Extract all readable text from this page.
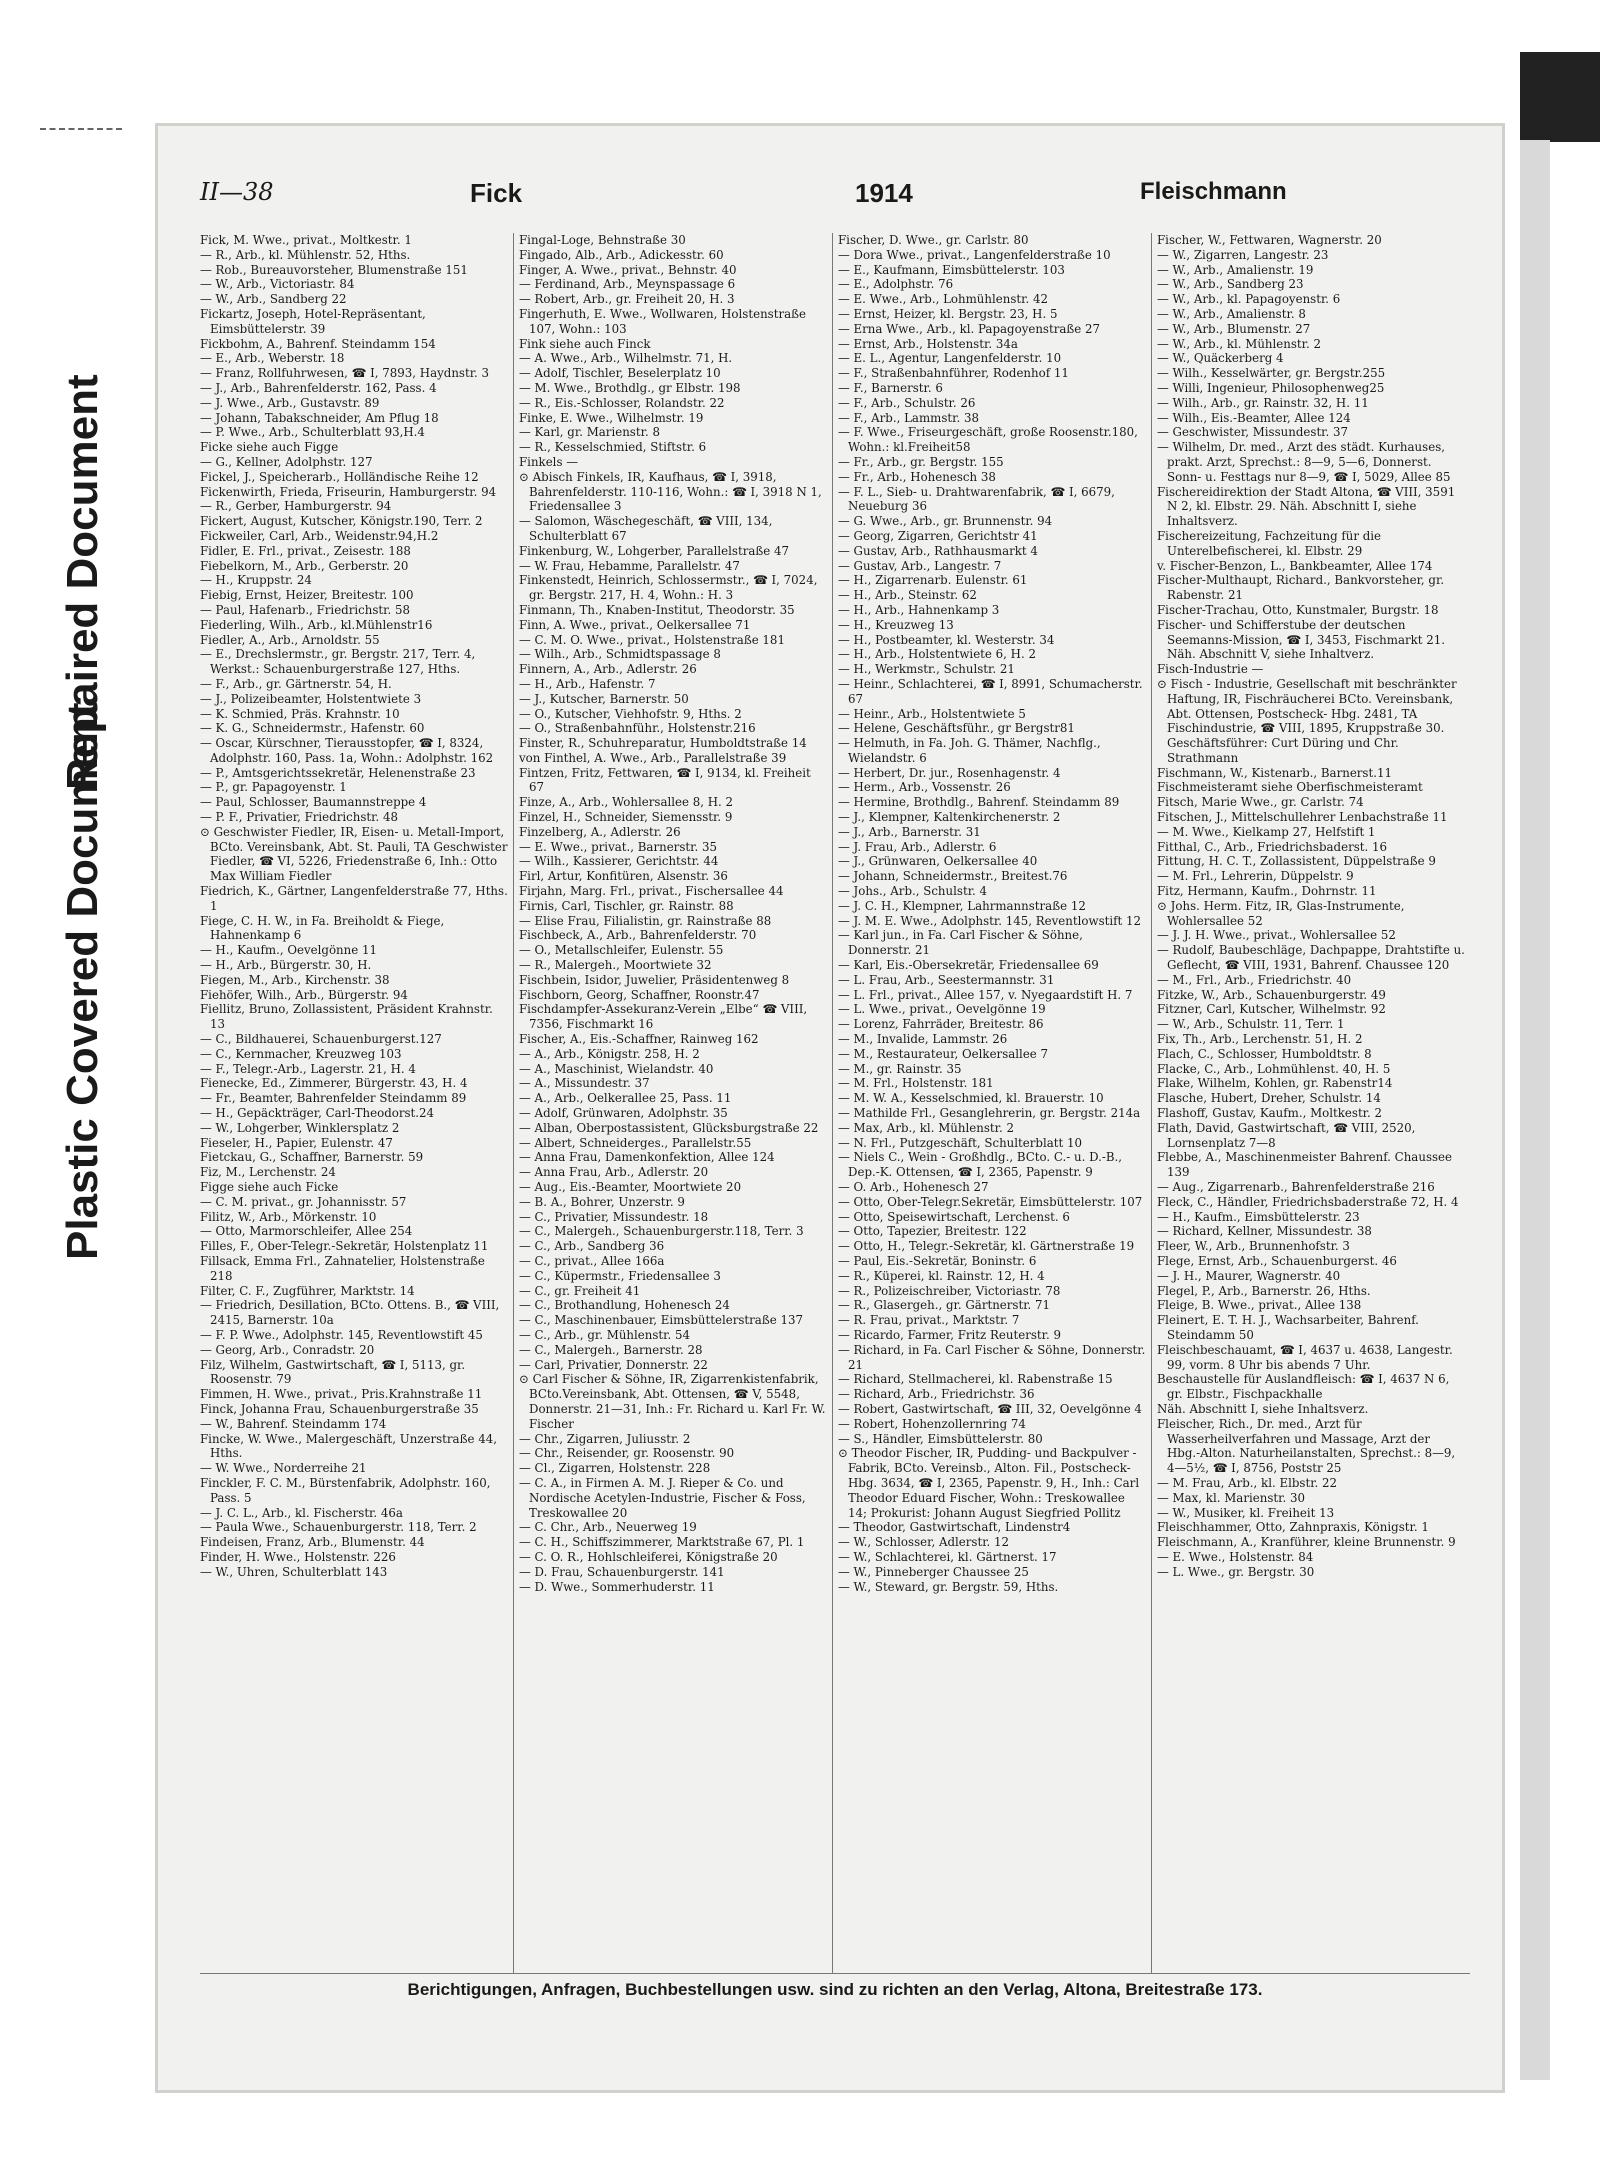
Plastic Covered Document
Repaired Document
II—38	Fick	1914	Fleischmann

Fick, M. Wwe., privat., Moltkestr. 1

— R., Arb., kl. Mühlenstr. 52, Hths.

— Rob., Bureauvorsteher, Blumenstraße 151

— W., Arb., Victoriastr. 84

— W., Arb., Sandberg 22

Fickartz, Joseph, Hotel-Repräsentant, Eimsbüttelerstr. 39

Fickbohm, A., Bahrenf. Steindamm 154

— E., Arb., Weberstr. 18

— Franz, Rollfuhrwesen, ☎ I, 7893, Haydnstr. 3

— J., Arb., Bahrenfelderstr. 162, Pass. 4

— J. Wwe., Arb., Gustavstr. 89

— Johann, Tabakschneider, Am Pflug 18

— P. Wwe., Arb., Schulterblatt 93,H.4

Ficke siehe auch Figge

— G., Kellner, Adolphstr. 127

Fickel, J., Speicherarb., Holländische Reihe 12

Fickenwirth, Frieda, Friseurin, Hamburgerstr. 94

— R., Gerber, Hamburgerstr. 94

Fickert, August, Kutscher, Königstr.190, Terr. 2

Fickweiler, Carl, Arb., Weidenstr.94,H.2

Fidler, E. Frl., privat., Zeisestr. 188

Fiebelkorn, M., Arb., Gerberstr. 20

— H., Kruppstr. 24

Fiebig, Ernst, Heizer, Breitestr. 100

— Paul, Hafenarb., Friedrichstr. 58

Fiederling, Wilh., Arb., kl.Mühlenstr16

Fiedler, A., Arb., Arnoldstr. 55

— E., Drechslermstr., gr. Bergstr. 217, Terr. 4, Werkst.: Schauenburgerstraße 127, Hths.

— F., Arb., gr. Gärtnerstr. 54, H.

— J., Polizeibeamter, Holstentwiete 3

— K. Schmied, Präs. Krahnstr. 10

— K. G., Schneidermstr., Hafenstr. 60

— Oscar, Kürschner, Tierausstopfer, ☎ I, 8324, Adolphstr. 160, Pass. 1a, Wohn.: Adolphstr. 162

— P., Amtsgerichtssekretär, Helenenstraße 23

— P., gr. Papagoyenstr. 1

— Paul, Schlosser, Baumannstreppe 4

— P. F., Privatier, Friedrichstr. 48

⊙ Geschwister Fiedler, IR, Eisen- u. Metall-Import, BCto. Vereinsbank, Abt. St. Pauli, TA Geschwister Fiedler, ☎ VI, 5226, Friedenstraße 6, Inh.: Otto Max William Fiedler

Fiedrich, K., Gärtner, Langenfelderstraße 77, Hths. 1

Fiege, C. H. W., in Fa. Breiholdt & Fiege, Hahnenkamp 6

— H., Kaufm., Oevelgönne 11

— H., Arb., Bürgerstr. 30, H.

Fiegen, M., Arb., Kirchenstr. 38

Fiehöfer, Wilh., Arb., Bürgerstr. 94

Fiellitz, Bruno, Zollassistent, Präsident Krahnstr. 13

— C., Bildhauerei, Schauenburgerst.127

— C., Kernmacher, Kreuzweg 103

— F., Telegr.-Arb., Lagerstr. 21, H. 4

Fienecke, Ed., Zimmerer, Bürgerstr. 43, H. 4

— Fr., Beamter, Bahrenfelder Steindamm 89

— H., Gepäckträger, Carl-Theodorst.24

— W., Lohgerber, Winklersplatz 2

Fieseler, H., Papier, Eulenstr. 47

Fietckau, G., Schaffner, Barnerstr. 59

Fiz, M., Lerchenstr. 24

Figge siehe auch Ficke

— C. M. privat., gr. Johannisstr. 57

Filitz, W., Arb., Mörkenstr. 10

— Otto, Marmorschleifer, Allee 254

Filles, F., Ober-Telegr.-Sekretär, Holstenplatz 11

Fillsack, Emma Frl., Zahnatelier, Holstenstraße 218

Filter, C. F., Zugführer, Marktstr. 14

— Friedrich, Desillation, BCto. Ottens. B., ☎ VIII, 2415, Barnerstr. 10a

— F. P. Wwe., Adolphstr. 145, Reventlowstift 45

— Georg, Arb., Conradstr. 20

Filz, Wilhelm, Gastwirtschaft, ☎ I, 5113, gr. Roosenstr. 79

Fimmen, H. Wwe., privat., Pris.Krahnstraße 11

Finck, Johanna Frau, Schauenburgerstraße 35

— W., Bahrenf. Steindamm 174

Fincke, W. Wwe., Malergeschäft, Unzerstraße 44, Hths.

— W. Wwe., Norderreihe 21

Finckler, F. C. M., Bürstenfabrik, Adolphstr. 160, Pass. 5

— J. C. L., Arb., kl. Fischerstr. 46a

— Paula Wwe., Schauenburgerstr. 118, Terr. 2

Findeisen, Franz, Arb., Blumenstr. 44

Finder, H. Wwe., Holstenstr. 226

— W., Uhren, Schulterblatt 143

Fingal-Loge, Behnstraße 30

Fingado, Alb., Arb., Adickesstr. 60

Finger, A. Wwe., privat., Behnstr. 40

— Ferdinand, Arb., Meynspassage 6

— Robert, Arb., gr. Freiheit 20, H. 3

Fingerhuth, E. Wwe., Wollwaren, Holstenstraße 107, Wohn.: 103

Fink siehe auch Finck

— A. Wwe., Arb., Wilhelmstr. 71, H.

— Adolf, Tischler, Beselerplatz 10

— M. Wwe., Brothdlg., gr Elbstr. 198

— R., Eis.-Schlosser, Rolandstr. 22

Finke, E. Wwe., Wilhelmstr. 19

— Karl, gr. Marienstr. 8

— R., Kesselschmied, Stiftstr. 6

Finkels —

⊙ Abisch Finkels, IR, Kaufhaus, ☎ I, 3918, Bahrenfelderstr. 110-116, Wohn.: ☎ I, 3918 N 1, Friedensallee 3

— Salomon, Wäschegeschäft, ☎ VIII, 134, Schulterblatt 67

Finkenburg, W., Lohgerber, Parallelstraße 47

— W. Frau, Hebamme, Parallelstr. 47

Finkenstedt, Heinrich, Schlossermstr., ☎ I, 7024, gr. Bergstr. 217, H. 4, Wohn.: H. 3

Finmann, Th., Knaben-Institut, Theodorstr. 35

Finn, A. Wwe., privat., Oelkersallee 71

— C. M. O. Wwe., privat., Holstenstraße 181

— Wilh., Arb., Schmidtspassage 8

Finnern, A., Arb., Adlerstr. 26

— H., Arb., Hafenstr. 7

— J., Kutscher, Barnerstr. 50

— O., Kutscher, Viehhofstr. 9, Hths. 2

— O., Straßenbahnführ., Holstenstr.216

Finster, R., Schuhreparatur, Humboldtstraße 14

von Finthel, A. Wwe., Arb., Parallelstraße 39

Fintzen, Fritz, Fettwaren, ☎ I, 9134, kl. Freiheit 67

Finze, A., Arb., Wohlersallee 8, H. 2

Finzel, H., Schneider, Siemensstr. 9

Finzelberg, A., Adlerstr. 26

— E. Wwe., privat., Barnerstr. 35

— Wilh., Kassierer, Gerichtstr. 44

Firl, Artur, Konfitüren, Alsenstr. 36

Firjahn, Marg. Frl., privat., Fischersallee 44

Firnis, Carl, Tischler, gr. Rainstr. 88

— Elise Frau, Filialistin, gr. Rainstraße 88

Fischbeck, A., Arb., Bahrenfelderstr. 70

— O., Metallschleifer, Eulenstr. 55

— R., Malergeh., Moortwiete 32

Fischbein, Isidor, Juwelier, Präsidentenweg 8

Fischborn, Georg, Schaffner, Roonstr.47

Fischdampfer-Assekuranz-Verein „Elbe“ ☎ VIII, 7356, Fischmarkt 16

Fischer, A., Eis.-Schaffner, Rainweg 162

— A., Arb., Königstr. 258, H. 2

— A., Maschinist, Wielandstr. 40

— A., Missundestr. 37

— A., Arb., Oelkerallee 25, Pass. 11

— Adolf, Grünwaren, Adolphstr. 35

— Alban, Oberpostassistent, Glücksburgstraße 22

— Albert, Schneiderges., Parallelstr.55

— Anna Frau, Damenkonfektion, Allee 124

— Anna Frau, Arb., Adlerstr. 20

— Aug., Eis.-Beamter, Moortwiete 20

— B. A., Bohrer, Unzerstr. 9

— C., Privatier, Missundestr. 18

— C., Malergeh., Schauenburgerstr.118, Terr. 3

— C., Arb., Sandberg 36

— C., privat., Allee 166a

— C., Küpermstr., Friedensallee 3

— C., gr. Freiheit 41

— C., Brothandlung, Hohenesch 24

— C., Maschinenbauer, Eimsbüttelerstraße 137

— C., Arb., gr. Mühlenstr. 54

— C., Malergeh., Barnerstr. 28

— Carl, Privatier, Donnerstr. 22

⊙ Carl Fischer & Söhne, IR, Zigarrenkistenfabrik, BCto.Vereinsbank, Abt. Ottensen, ☎ V, 5548, Donnerstr. 21—31, Inh.: Fr. Richard u. Karl Fr. W. Fischer

— Chr., Zigarren, Juliusstr. 2

— Chr., Reisender, gr. Roosenstr. 90

— Cl., Zigarren, Holstenstr. 228

— C. A., in Firmen A. M. J. Rieper & Co. und Nordische Acetylen-Industrie, Fischer & Foss, Treskowallee 20

— C. Chr., Arb., Neuerweg 19

— C. H., Schiffszimmerer, Marktstraße 67, Pl. 1

— C. O. R., Hohlschleiferei, Königstraße 20

— D. Frau, Schauenburgerstr. 141

— D. Wwe., Sommerhuderstr. 11

Fischer, D. Wwe., gr. Carlstr. 80

— Dora Wwe., privat., Langenfelderstraße 10

— E., Kaufmann, Eimsbüttelerstr. 103

— E., Adolphstr. 76

— E. Wwe., Arb., Lohmühlenstr. 42

— Ernst, Heizer, kl. Bergstr. 23, H. 5

— Erna Wwe., Arb., kl. Papagoyenstraße 27

— Ernst, Arb., Holstenstr. 34a

— E. L., Agentur, Langenfelderstr. 10

— F., Straßenbahnführer, Rodenhof 11

— F., Barnerstr. 6

— F., Arb., Schulstr. 26

— F., Arb., Lammstr. 38

— F. Wwe., Friseurgeschäft, große Roosenstr.180, Wohn.: kl.Freiheit58

— Fr., Arb., gr. Bergstr. 155

— Fr., Arb., Hohenesch 38

— F. L., Sieb- u. Drahtwarenfabrik, ☎ I, 6679, Neueburg 36

— G. Wwe., Arb., gr. Brunnenstr. 94

— Georg, Zigarren, Gerichtstr 41

— Gustav, Arb., Rathhausmarkt 4

— Gustav, Arb., Langestr. 7

— H., Zigarrenarb. Eulenstr. 61

— H., Arb., Steinstr. 62

— H., Arb., Hahnenkamp 3

— H., Kreuzweg 13

— H., Postbeamter, kl. Westerstr. 34

— H., Arb., Holstentwiete 6, H. 2

— H., Werkmstr., Schulstr. 21

— Heinr., Schlachterei, ☎ I, 8991, Schumacherstr. 67

— Heinr., Arb., Holstentwiete 5

— Helene, Geschäftsführ., gr Bergstr81

— Helmuth, in Fa. Joh. G. Thämer, Nachflg., Wielandstr. 6

— Herbert, Dr. jur., Rosenhagenstr. 4

— Herm., Arb., Vossenstr. 26

— Hermine, Brothdlg., Bahrenf. Steindamm 89

— J., Klempner, Kaltenkirchenerstr. 2

— J., Arb., Barnerstr. 31

— J. Frau, Arb., Adlerstr. 6

— J., Grünwaren, Oelkersallee 40

— Johann, Schneidermstr., Breitest.76

— Johs., Arb., Schulstr. 4

— J. C. H., Klempner, Lahrmannstraße 12

— J. M. E. Wwe., Adolphstr. 145, Reventlowstift 12

— Karl jun., in Fa. Carl Fischer & Söhne, Donnerstr. 21

— Karl, Eis.-Obersekretär, Friedensallee 69

— L. Frau, Arb., Seestermannstr. 31

— L. Frl., privat., Allee 157, v. Nyegaardstift H. 7

— L. Wwe., privat., Oevelgönne 19

— Lorenz, Fahrräder, Breitestr. 86

— M., Invalide, Lammstr. 26

— M., Restaurateur, Oelkersallee 7

— M., gr. Rainstr. 35

— M. Frl., Holstenstr. 181

— M. W. A., Kesselschmied, kl. Brauerstr. 10

— Mathilde Frl., Gesanglehrerin, gr. Bergstr. 214a

— Max, Arb., kl. Mühlenstr. 2

— N. Frl., Putzgeschäft, Schulterblatt 10

— Niels C., Wein - Großhdlg., BCto. C.- u. D.-B., Dep.-K. Ottensen, ☎ I, 2365, Papenstr. 9

— O. Arb., Hohenesch 27

— Otto, Ober-Telegr.Sekretär, Eimsbüttelerstr. 107

— Otto, Speisewirtschaft, Lerchenst. 6

— Otto, Tapezier, Breitestr. 122

— Otto, H., Telegr.-Sekretär, kl. Gärtnerstraße 19

— Paul, Eis.-Sekretär, Boninstr. 6

— R., Küperei, kl. Rainstr. 12, H. 4

— R., Polizeischreiber, Victoriastr. 78

— R., Glasergeh., gr. Gärtnerstr. 71

— R. Frau, privat., Marktstr. 7

— Ricardo, Farmer, Fritz Reuterstr. 9

— Richard, in Fa. Carl Fischer & Söhne, Donnerstr. 21

— Richard, Stellmacherei, kl. Rabenstraße 15

— Richard, Arb., Friedrichstr. 36

— Robert, Gastwirtschaft, ☎ III, 32, Oevelgönne 4

— Robert, Hohenzollernring 74

— S., Händler, Eimsbüttelerstr. 80

⊙ Theodor Fischer, IR, Pudding- und Backpulver - Fabrik, BCto. Vereinsb., Alton. Fil., Postscheck- Hbg. 3634, ☎ I, 2365, Papenstr. 9, H., Inh.: Carl Theodor Eduard Fischer, Wohn.: Treskowallee 14; Prokurist: Johann August Siegfried Pollitz

— Theodor, Gastwirtschaft, Lindenstr4

— W., Schlosser, Adlerstr. 12

— W., Schlachterei, kl. Gärtnerst. 17

— W., Pinneberger Chaussee 25

— W., Steward, gr. Bergstr. 59, Hths.

Fischer, W., Fettwaren, Wagnerstr. 20

— W., Zigarren, Langestr. 23

— W., Arb., Amalienstr. 19

— W., Arb., Sandberg 23

— W., Arb., kl. Papagoyenstr. 6

— W., Arb., Amalienstr. 8

— W., Arb., Blumenstr. 27

— W., Arb., kl. Mühlenstr. 2

— W., Quäckerberg 4

— Wilh., Kesselwärter, gr. Bergstr.255

— Willi, Ingenieur, Philosophenweg25

— Wilh., Arb., gr. Rainstr. 32, H. 11

— Wilh., Eis.-Beamter, Allee 124

— Geschwister, Missundestr. 37

— Wilhelm, Dr. med., Arzt des städt. Kurhauses, prakt. Arzt, Sprechst.: 8—9, 5—6, Donnerst. Sonn- u. Festtags nur 8—9, ☎ I, 5029, Allee 85

Fischereidirektion der Stadt Altona, ☎ VIII, 3591 N 2, kl. Elbstr. 29. Näh. Abschnitt I, siehe Inhaltsverz.

Fischereizeitung, Fachzeitung für die Unterelbefischerei, kl. Elbstr. 29

v. Fischer-Benzon, L., Bankbeamter, Allee 174

Fischer-Multhaupt, Richard., Bankvorsteher, gr. Rabenstr. 21

Fischer-Trachau, Otto, Kunstmaler, Burgstr. 18

Fischer- und Schifferstube der deutschen Seemanns-Mission, ☎ I, 3453, Fischmarkt 21. Näh. Abschnitt V, siehe Inhaltverz.

Fisch-Industrie —

⊙ Fisch - Industrie, Gesellschaft mit beschränkter Haftung, IR, Fischräucherei BCto. Vereinsbank, Abt. Ottensen, Postscheck- Hbg. 2481, TA Fischindustrie, ☎ VIII, 1895, Kruppstraße 30. Geschäftsführer: Curt Düring und Chr. Strathmann

Fischmann, W., Kistenarb., Barnerst.11

Fischmeisteramt siehe Oberfischmeisteramt

Fitsch, Marie Wwe., gr. Carlstr. 74

Fitschen, J., Mittelschullehrer Lenbachstraße 11

— M. Wwe., Kielkamp 27, Helfstift 1

Fitthal, C., Arb., Friedrichsbaderst. 16

Fittung, H. C. T., Zollassistent, Düppelstraße 9

— M. Frl., Lehrerin, Düppelstr. 9

Fitz, Hermann, Kaufm., Dohrnstr. 11

⊙ Johs. Herm. Fitz, IR, Glas-Instrumente, Wohlersallee 52

— J. J. H. Wwe., privat., Wohlersallee 52

— Rudolf, Baubeschläge, Dachpappe, Drahtstifte u. Geflecht, ☎ VIII, 1931, Bahrenf. Chaussee 120

— M., Frl., Arb., Friedrichstr. 40

Fitzke, W., Arb., Schauenburgerstr. 49

Fitzner, Carl, Kutscher, Wilhelmstr. 92

— W., Arb., Schulstr. 11, Terr. 1

Fix, Th., Arb., Lerchenstr. 51, H. 2

Flach, C., Schlosser, Humboldtstr. 8

Flacke, C., Arb., Lohmühlenst. 40, H. 5

Flake, Wilhelm, Kohlen, gr. Rabenstr14

Flasche, Hubert, Dreher, Schulstr. 14

Flashoff, Gustav, Kaufm., Moltkestr. 2

Flath, David, Gastwirtschaft, ☎ VIII, 2520, Lornsenplatz 7—8

Flebbe, A., Maschinenmeister Bahrenf. Chaussee 139

— Aug., Zigarrenarb., Bahrenfelderstraße 216

Fleck, C., Händler, Friedrichsbaderstraße 72, H. 4

— H., Kaufm., Eimsbüttelerstr. 23

— Richard, Kellner, Missundestr. 38

Fleer, W., Arb., Brunnenhofstr. 3

Flege, Ernst, Arb., Schauenburgerst. 46

— J. H., Maurer, Wagnerstr. 40

Flegel, P., Arb., Barnerstr. 26, Hths.

Fleige, B. Wwe., privat., Allee 138

Fleinert, E. T. H. J., Wachsarbeiter, Bahrenf. Steindamm 50

Fleischbeschauamt, ☎ I, 4637 u. 4638, Langestr. 99, vorm. 8 Uhr bis abends 7 Uhr.

Beschaustelle für Auslandfleisch: ☎ I, 4637 N 6, gr. Elbstr., Fischpackhalle

Näh. Abschnitt I, siehe Inhaltsverz.

Fleischer, Rich., Dr. med., Arzt für Wasserheilverfahren und Massage, Arzt der Hbg.-Alton. Naturheilanstalten, Sprechst.: 8—9, 4—5½, ☎ I, 8756, Poststr 25

— M. Frau, Arb., kl. Elbstr. 22

— Max, kl. Marienstr. 30

— W., Musiker, kl. Freiheit 13

Fleischhammer, Otto, Zahnpraxis, Königstr. 1

Fleischmann, A., Kranführer, kleine Brunnenstr. 9

— E. Wwe., Holstenstr. 84

— L. Wwe., gr. Bergstr. 30

Berichtigungen, Anfragen, Buchbestellungen usw. sind zu richten an den Verlag, Altona, Breitestraße 173.
